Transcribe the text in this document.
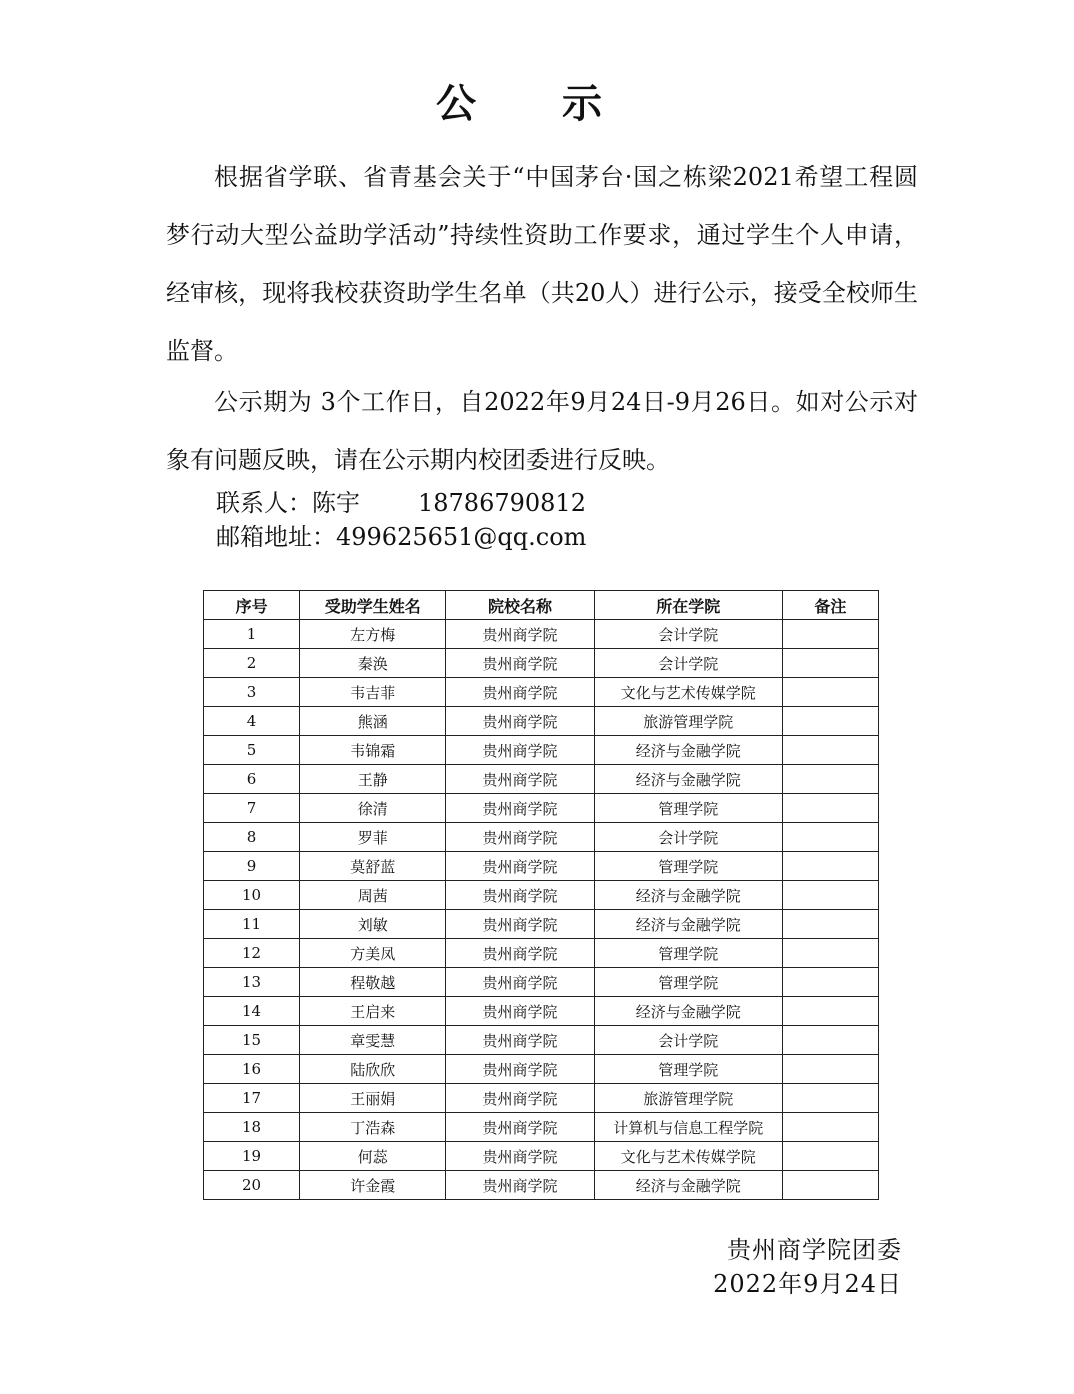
公 示

根据省学联、省青基会关于“中国茅台·国之栋梁2021希望工程圆梦行动大型公益助学活动”持续性资助工作要求，通过学生个人申请，经审核，现将我校获资助学生名单（共20人）进行公示，接受全校师生监督。

公示期为 3个工作日，自2022年9月24日-9月26日。如对公示对象有问题反映，请在公示期内校团委进行反映。

联系人：陈宇 18786790812
邮箱地址：499625651@qq.com
序号	受助学生姓名	院校名称	所在学院	备注
1	左方梅	贵州商学院	会计学院	
2	秦涣	贵州商学院	会计学院	
3	韦吉菲	贵州商学院	文化与艺术传媒学院	
4	熊涵	贵州商学院	旅游管理学院	
5	韦锦霜	贵州商学院	经济与金融学院	
6	王静	贵州商学院	经济与金融学院	
7	徐清	贵州商学院	管理学院	
8	罗菲	贵州商学院	会计学院	
9	莫舒蓝	贵州商学院	管理学院	
10	周茜	贵州商学院	经济与金融学院	
11	刘敏	贵州商学院	经济与金融学院	
12	方美凤	贵州商学院	管理学院	
13	程敬越	贵州商学院	管理学院	
14	王启来	贵州商学院	经济与金融学院	
15	章雯慧	贵州商学院	会计学院	
16	陆欣欣	贵州商学院	管理学院	
17	王丽娟	贵州商学院	旅游管理学院	
18	丁浩森	贵州商学院	计算机与信息工程学院	
19	何蕊	贵州商学院	文化与艺术传媒学院	
20	许金霞	贵州商学院	经济与金融学院	
贵州商学院团委
2022年9月24日
